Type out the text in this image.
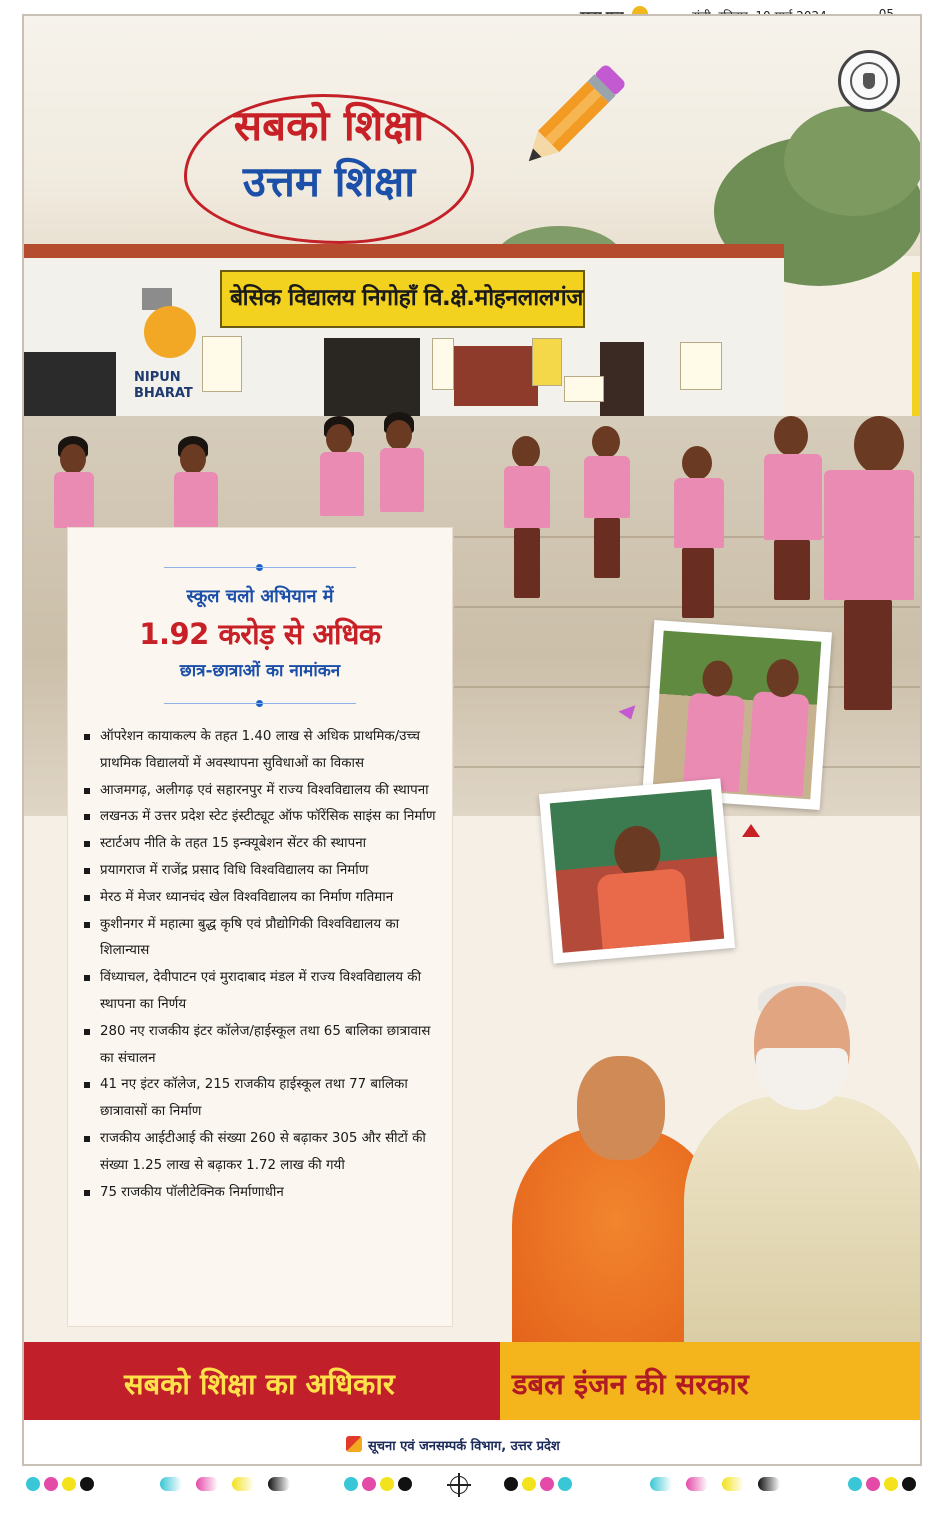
बेसिक विद्यालय निगोहाँ वि.क्षे.मोहनलालगंज
NIPUN
BHARAT
सबको शिक्षा
उत्तम शिक्षा
स्कूल चलो अभियान में
1.92 करोड़ से अधिक
छात्र-छात्राओं का नामांकन
ऑपरेशन कायाकल्प के तहत 1.40 लाख से अधिक प्राथमिक/उच्च प्राथमिक विद्यालयों में अवस्थापना सुविधाओं का विकास
आजमगढ़, अलीगढ़ एवं सहारनपुर में राज्य विश्वविद्यालय की स्थापना
लखनऊ में उत्तर प्रदेश स्टेट इंस्टीट्यूट ऑफ फॉरेंसिक साइंस का निर्माण
स्टार्टअप नीति के तहत 15 इन्क्यूबेशन सेंटर की स्थापना
प्रयागराज में राजेंद्र प्रसाद विधि विश्वविद्यालय का निर्माण
मेरठ में मेजर ध्यानचंद खेल विश्वविद्यालय का निर्माण गतिमान
कुशीनगर में महात्मा बुद्ध कृषि एवं प्रौद्योगिकी विश्वविद्यालय का शिलान्यास
विंध्याचल, देवीपाटन एवं मुरादाबाद मंडल में राज्य विश्वविद्यालय की स्थापना का निर्णय
280 नए राजकीय इंटर कॉलेज/हाईस्कूल तथा 65 बालिका छात्रावास का संचालन
41 नए इंटर कॉलेज, 215 राजकीय हाईस्कूल तथा 77 बालिका छात्रावासों का निर्माण
राजकीय आईटीआई की संख्या 260 से बढ़ाकर 305 और सीटों की संख्या 1.25 लाख से बढ़ाकर 1.72 लाख की गयी
75 राजकीय पॉलीटेक्निक निर्माणाधीन
सबको शिक्षा का अधिकार	डबल इंजन की सरकार
सूचना एवं जनसम्पर्क विभाग, उत्तर प्रदेश
